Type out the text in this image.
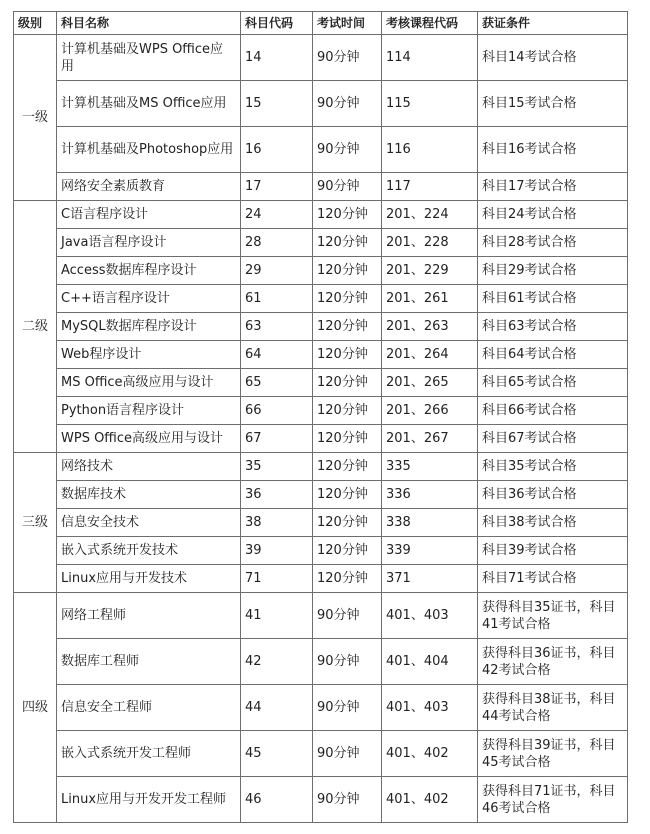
级别	科目名称	科目代码	考试时间	考核课程代码	获证条件
一级	计算机基础及WPS Office应用	14	90分钟	114	科目14考试合格
	计算机基础及MS Office应用	15	90分钟	115	科目15考试合格
	计算机基础及Photoshop应用	16	90分钟	116	科目16考试合格
	网络安全素质教育	17	90分钟	117	科目17考试合格
二级	C语言程序设计	24	120分钟	201、224	科目24考试合格
	Java语言程序设计	28	120分钟	201、228	科目28考试合格
	Access数据库程序设计	29	120分钟	201、229	科目29考试合格
	C++语言程序设计	61	120分钟	201、261	科目61考试合格
	MySQL数据库程序设计	63	120分钟	201、263	科目63考试合格
	Web程序设计	64	120分钟	201、264	科目64考试合格
	MS Office高级应用与设计	65	120分钟	201、265	科目65考试合格
	Python语言程序设计	66	120分钟	201、266	科目66考试合格
	WPS Office高级应用与设计	67	120分钟	201、267	科目67考试合格
三级	网络技术	35	120分钟	335	科目35考试合格
	数据库技术	36	120分钟	336	科目36考试合格
	信息安全技术	38	120分钟	338	科目38考试合格
	嵌入式系统开发技术	39	120分钟	339	科目39考试合格
	Linux应用与开发技术	71	120分钟	371	科目71考试合格
四级	网络工程师	41	90分钟	401、403	获得科目35证书，科目41考试合格
	数据库工程师	42	90分钟	401、404	获得科目36证书，科目42考试合格
	信息安全工程师	44	90分钟	401、403	获得科目38证书，科目44考试合格
	嵌入式系统开发工程师	45	90分钟	401、402	获得科目39证书，科目45考试合格
	Linux应用与开发开发工程师	46	90分钟	401、402	获得科目71证书，科目46考试合格
